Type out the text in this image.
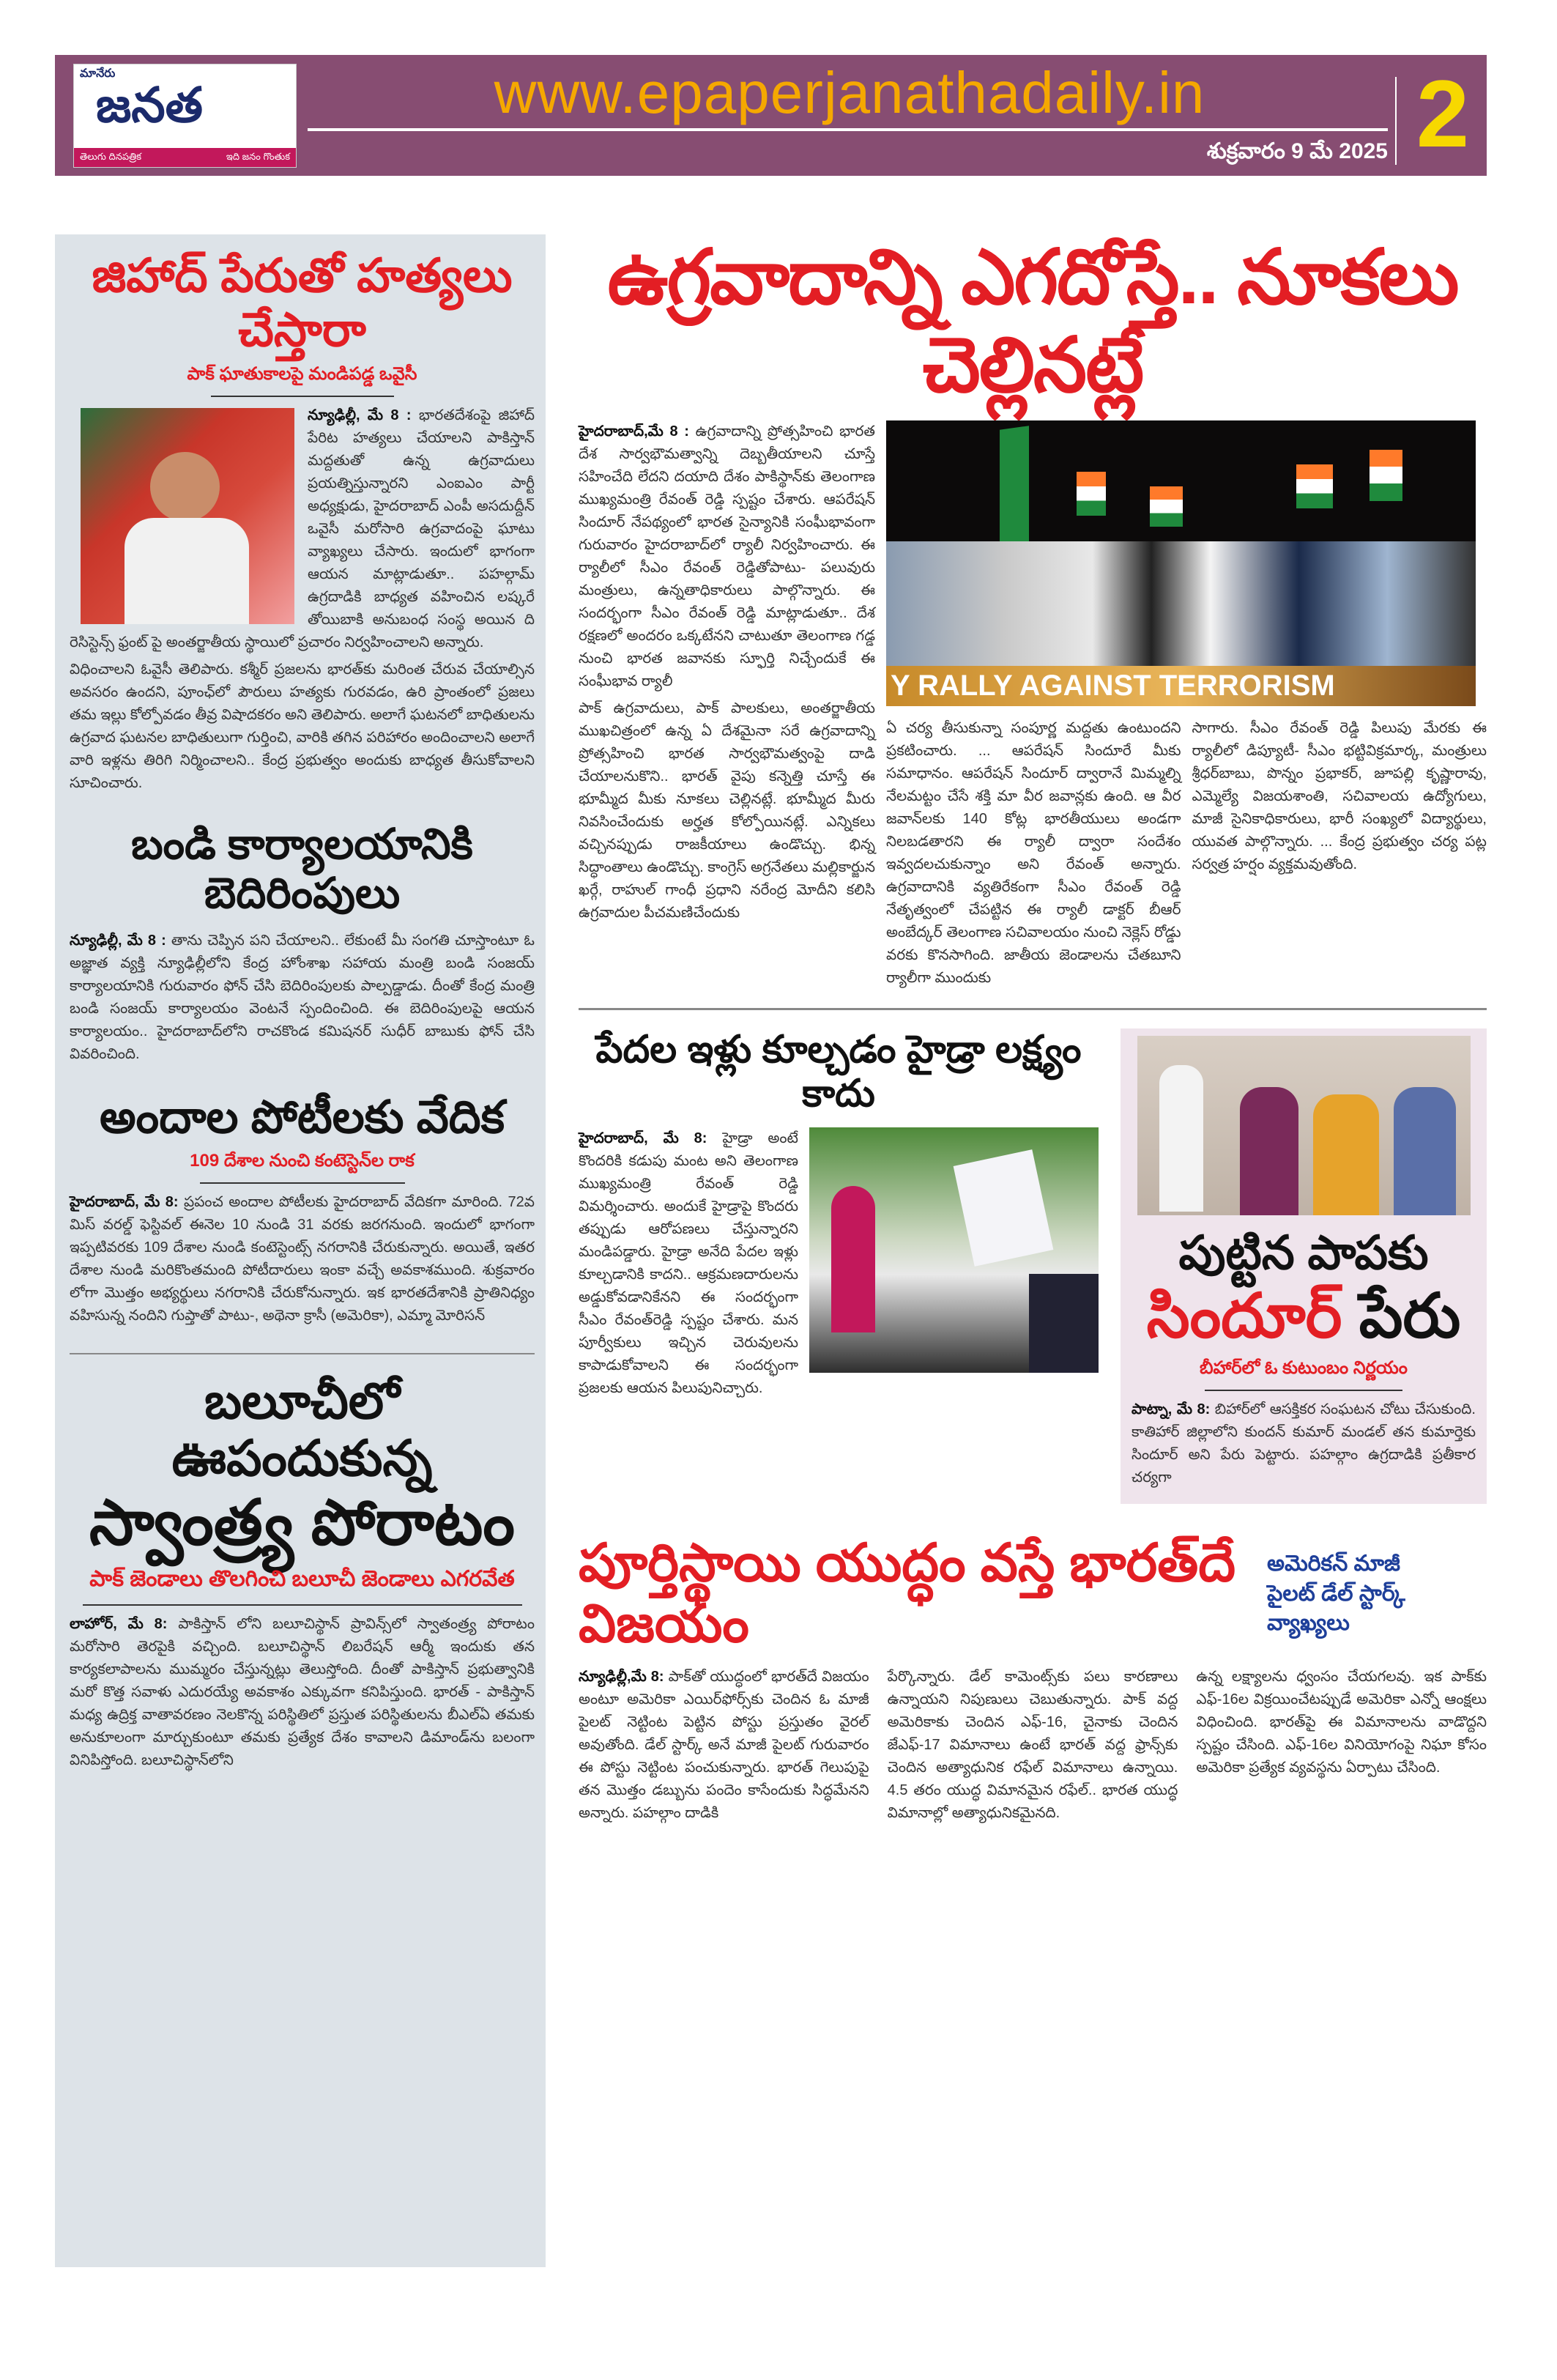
మానేరు
జనత
తెలుగు దినపత్రిక	ఇది జనం గొంతుక
www.epaperjanathadaily.in
శుక్రవారం 9 మే 2025 2
జిహాద్ పేరుతో హత్యలు చేస్తారా
పాక్ ఘాతుకాలపై మండిపడ్డ ఒవైసీ
న్యూఢిల్లీ, మే 8 : భారతదేశంపై జిహాద్ పేరిట హత్యలు చేయాలని పాకిస్తాన్ మద్దతుతో ఉన్న ఉగ్రవాదులు ప్రయత్నిస్తున్నారని ఎంఐఎం పార్టీ అధ్యక్షుడు, హైదరాబాద్ ఎంపీ అసదుద్దీన్ ఒవైసీ మరోసారి ఉగ్రవాదంపై ఘాటు వ్యాఖ్యలు చేసారు. ఇందులో భాగంగా ఆయన మాట్లాడుతూ.. పహల్గామ్ ఉగ్రదాడికి బాధ్యత వహించిన లష్కరే తోయిబాకి అనుబంధ సంస్థ అయిన ది రెసిస్టెన్స్ ఫ్రంట్ పై అంతర్జాతీయ స్థాయిలో ప్రచారం నిర్వహించాలని అన్నారు.
విధించాలని ఓవైసీ తెలిపారు. కశ్మీర్ ప్రజలను భారత్‌కు మరింత చేరువ చేయాల్సిన అవసరం ఉందని, పూంఛ్‌లో పౌరులు హత్యకు గురవడం, ఉరి ప్రాంతంలో ప్రజలు తమ ఇల్లు కోల్పోవడం తీవ్ర విషాదకరం అని తెలిపారు. అలాగే ఘటనలో బాధితులను ఉగ్రవాద ఘటనల బాధితులుగా గుర్తించి, వారికి తగిన పరిహారం అందించాలని అలాగే వారి ఇళ్లను తిరిగి నిర్మించాలని.. కేంద్ర ప్రభుత్వం అందుకు బాధ్యత తీసుకోవాలని సూచించారు.
బండి కార్యాలయానికి బెదిరింపులు
న్యూఢిల్లీ, మే 8 : తాను చెప్పిన పని చేయాలని.. లేకుంటే మీ సంగతి చూస్తాంటూ ఓ అజ్ఞాత వ్యక్తి న్యూఢిల్లీలోని కేంద్ర హోంశాఖ సహాయ మంత్రి బండి సంజయ్ కార్యాలయానికి గురువారం ఫోన్ చేసి బెదిరింపులకు పాల్పడ్డాడు. దీంతో కేంద్ర మంత్రి బండి సంజయ్ కార్యాలయం వెంటనే స్పందించింది. ఈ బెదిరింపులపై ఆయన కార్యాలయం.. హైదరాబాద్‌లోని రాచకొండ కమిషనర్ సుధీర్ బాబుకు ఫోన్ చేసి వివరించింది.
అందాల పోటీలకు వేదిక
109 దేశాల నుంచి కంటెస్టెన్‌ల రాక
హైదరాబాద్, మే 8: ప్రపంచ అందాల పోటీలకు హైదరాబాద్ వేదికగా మారింది. 72వ మిస్ వరల్డ్ ఫెస్టివల్ ఈనెల 10 నుండి 31 వరకు జరగనుంది. ఇందులో భాగంగా ఇప్పటివరకు 109 దేశాల నుండి కంటెస్టెంట్స్ నగరానికి చేరుకున్నారు. అయితే, ఇతర దేశాల నుండి మరికొంతమంది పోటీదారులు ఇంకా వచ్చే అవకాశముంది. శుక్రవారం లోగా మొత్తం అభ్యర్థులు నగరానికి చేరుకోనున్నారు. ఇక భారతదేశానికి ప్రాతినిధ్యం వహిసున్న నందిని గుప్తాతో పాటు-, అథెనా క్రాసీ (అమెరికా), ఎమ్మా మోరిసన్
బలూచీలో ఊపందుకున్న
స్వాంత్ర్య పోరాటం
పాక్ జెండాలు తొలగించి బలూచీ జెండాలు ఎగరవేత
లాహోర్, మే 8: పాకిస్తాన్ లోని బలూచిస్థాన్ ప్రావిన్స్‌లో స్వాతంత్ర్య పోరాటం మరోసారి తెరపైకి వచ్చింది. బలూచిస్థాన్ లిబరేషన్ ఆర్మీ ఇందుకు తన కార్యకలాపాలను ముమ్మరం చేస్తున్నట్లు తెలుస్తోంది. దీంతో పాకిస్తాన్ ప్రభుత్వానికి మరో కొత్త సవాళు ఎదురయ్యే అవకాశం ఎక్కువగా కనిపిస్తుంది. భారత్ - పాకిస్తాన్ మధ్య ఉద్రిక్త వాతావరణం నెలకొన్న పరిస్థితిలో ప్రస్తుత పరిస్థితులను బీఎల్ఏ తమకు అనుకూలంగా మార్చుకుంటూ తమకు ప్రత్యేక దేశం కావాలని డిమాండ్‌ను బలంగా వినిపిస్తోంది. బలూచిస్థాన్‌లోని
ఉగ్రవాదాన్ని ఎగదోస్తే.. నూకలు చెల్లినట్లే
హైదరాబాద్,మే 8 : ఉగ్రవాదాన్ని ప్రోత్సహించి భారత దేశ సార్వభౌమత్వాన్ని దెబ్బతీయాలని చూస్తే సహించేది లేదని దయాది దేశం పాకిస్థాన్‌కు తెలంగాణ ముఖ్యమంత్రి రేవంత్ రెడ్డి స్పష్టం చేశారు. ఆపరేషన్ సిందూర్ నేపథ్యంలో భారత సైన్యానికి సంఘీభావంగా గురువారం హైదరాబాద్‌లో ర్యాలీ నిర్వహించారు. ఈ ర్యాలీలో సీఎం రేవంత్ రెడ్డితోపాటు- పలువురు మంత్రులు, ఉన్నతాధికారులు పాల్గొన్నారు. ఈ సందర్భంగా సీఎం రేవంత్ రెడ్డి మాట్లాడుతూ.. దేశ రక్షణలో అందరం ఒక్కటేనని చాటుతూ తెలంగాణ గడ్డ నుంచి భారత జవానకు స్ఫూర్తి నిచ్చేందుకే ఈ సంఘీభావ ర్యాలీ
పాక్ ఉగ్రవాదులు, పాక్ పాలకులు, అంతర్జాతీయ ముఖచిత్రంలో ఉన్న ఏ దేశమైనా సరే ఉగ్రవాదాన్ని ప్రోత్సహించి భారత సార్వభౌమత్వంపై దాడి చేయాలనుకొని.. భారత్ వైపు కన్నెత్తి చూస్తే ఈ భూమ్మీద మీకు నూకలు చెల్లినట్లే. భూమ్మీద మీరు నివసించేందుకు అర్హత కోల్పోయినట్లే. ఎన్నికలు వచ్చినప్పుడు రాజకీయాలు ఉండొచ్చు. భిన్న సిద్ధాంతాలు ఉండొచ్చు. కాంగ్రెస్ అగ్రనేతలు మల్లికార్జున ఖర్గే, రాహుల్ గాంధీ ప్రధాని నరేంద్ర మోదీని కలిసి ఉగ్రవాదుల పీచమణిచేందుకు
Y RALLY AGAINST TERRORISM
ఏ చర్య తీసుకున్నా సంపూర్ణ మద్దతు ఉంటుందని ప్రకటించారు. ... ఆపరేషన్ సిందూరే మీకు సమాధానం. ఆపరేషన్ సిందూర్ ద్వారానే మిమ్మల్ని నేలమట్టం చేసే శక్తి మా వీర జవాన్లకు ఉంది. ఆ వీర జవాన్‌లకు 140 కోట్ల భారతీయులు అండగా నిలబడతారని ఈ ర్యాలీ ద్వారా సందేశం ఇవ్వదలచుకున్నాం అని రేవంత్ అన్నారు. ఉగ్రవాదానికి వ్యతిరేకంగా సీఎం రేవంత్ రెడ్డి నేతృత్వంలో చేపట్టిన ఈ ర్యాలీ డాక్టర్ బీఆర్ అంబేద్కర్ తెలంగాణ సచివాలయం నుంచి నెక్లెస్ రోడ్డు వరకు కొనసాగింది. జాతీయ జెండాలను చేతబూని ర్యాలీగా ముందుకు
సాగారు. సీఎం రేవంత్ రెడ్డి పిలుపు మేరకు ఈ ర్యాలీలో డిప్యూటీ- సీఎం భట్టివిక్రమార్క, మంత్రులు శ్రీధర్‌బాబు, పొన్నం ప్రభాకర్, జూపల్లి కృష్ణారావు, ఎమ్మెల్యే విజయశాంతి, సచివాలయ ఉద్యోగులు, మాజీ సైనికాధికారులు, భారీ సంఖ్యలో విద్యార్థులు, యువత పాల్గొన్నారు. ... కేంద్ర ప్రభుత్వం చర్య పట్ల సర్వత్ర హర్షం వ్యక్తమవుతోంది.
పేదల ఇళ్లు కూల్చడం హైడ్రా లక్ష్యం కాదు
హైదరాబాద్, మే 8: హైడ్రా అంటే కొందరికి కడుపు మంట అని తెలంగాణ ముఖ్యమంత్రి రేవంత్ రెడ్డి విమర్శించారు. అందుకే హైడ్రాపై కొందరు తప్పుడు ఆరోపణలు చేస్తున్నారని మండిపడ్డారు. హైడ్రా అనేది పేదల ఇళ్లు కూల్చడానికి కాదని.. ఆక్రమణదారులను అడ్డుకోవడానికేనని ఈ సందర్భంగా సీఎం రేవంత్‌రెడ్డి స్పష్టం చేశారు. మన పూర్వీకులు ఇచ్చిన చెరువులను కాపాడుకోవాలని ఈ సందర్భంగా ప్రజలకు ఆయన పిలుపునిచ్చారు.
పుట్టిన పాపకు
సిందూర్ పేరు
బీహార్‌లో ఓ కుటుంబం నిర్ణయం
పాట్నా, మే 8: బిహార్‌లో ఆసక్తికర సంఘటన చోటు చేసుకుంది. కాతిహార్ జిల్లాలోని కుందన్ కుమార్ మండల్ తన కుమార్తెకు సిందూర్ అని పేరు పెట్టారు. పహల్గాం ఉగ్రదాడికి ప్రతీకార చర్యగా
పూర్తిస్థాయి యుద్ధం వస్తే భారత్‌దే విజయం
అమెరికన్ మాజీ
పైలట్ డేల్ స్టార్క్ వ్యాఖ్యలు
న్యూఢిల్లీ,మే 8: పాక్‌తో యుద్ధంలో భారత్‌దే విజయం అంటూ అమెరికా ఎయిర్‌ఫోర్స్‌కు చెందిన ఓ మాజీ పైలట్ నెట్టింట పెట్టిన పోస్టు ప్రస్తుతం వైరల్ అవుతోంది. డేల్ స్టార్క్ అనే మాజీ పైలట్ గురువారం ఈ పోస్టు నెట్టింట పంచుకున్నారు. భారత్ గెలుపుపై తన మొత్తం డబ్బును పందెం కాసేందుకు సిద్ధమేనని అన్నారు. పహల్గాం దాడికి
పేర్కొన్నారు. డేల్ కామెంట్స్‌కు పలు కారణాలు ఉన్నాయని నిపుణులు చెబుతున్నారు. పాక్ వద్ద అమెరికాకు చెందిన ఎఫ్-16, చైనాకు చెందిన జేఎఫ్-17 విమానాలు ఉంటే భారత్ వద్ద ఫ్రాన్స్‌కు చెందిన అత్యాధునిక రఫేల్ విమానాలు ఉన్నాయి. 4.5 తరం యుద్ధ విమానమైన రఫేల్.. భారత యుద్ధ విమానాల్లో అత్యాధునికమైనది.
ఉన్న లక్ష్యాలను ధ్వంసం చేయగలవు. ఇక పాక్‌కు ఎఫ్-16ల విక్రయించేటప్పుడే అమెరికా ఎన్నో ఆంక్షలు విధించింది. భారత్‌పై ఈ విమానాలను వాడొద్దని స్పష్టం చేసింది. ఎఫ్-16ల వినియోగంపై నిఘా కోసం అమెరికా ప్రత్యేక వ్యవస్థను ఏర్పాటు చేసింది.
